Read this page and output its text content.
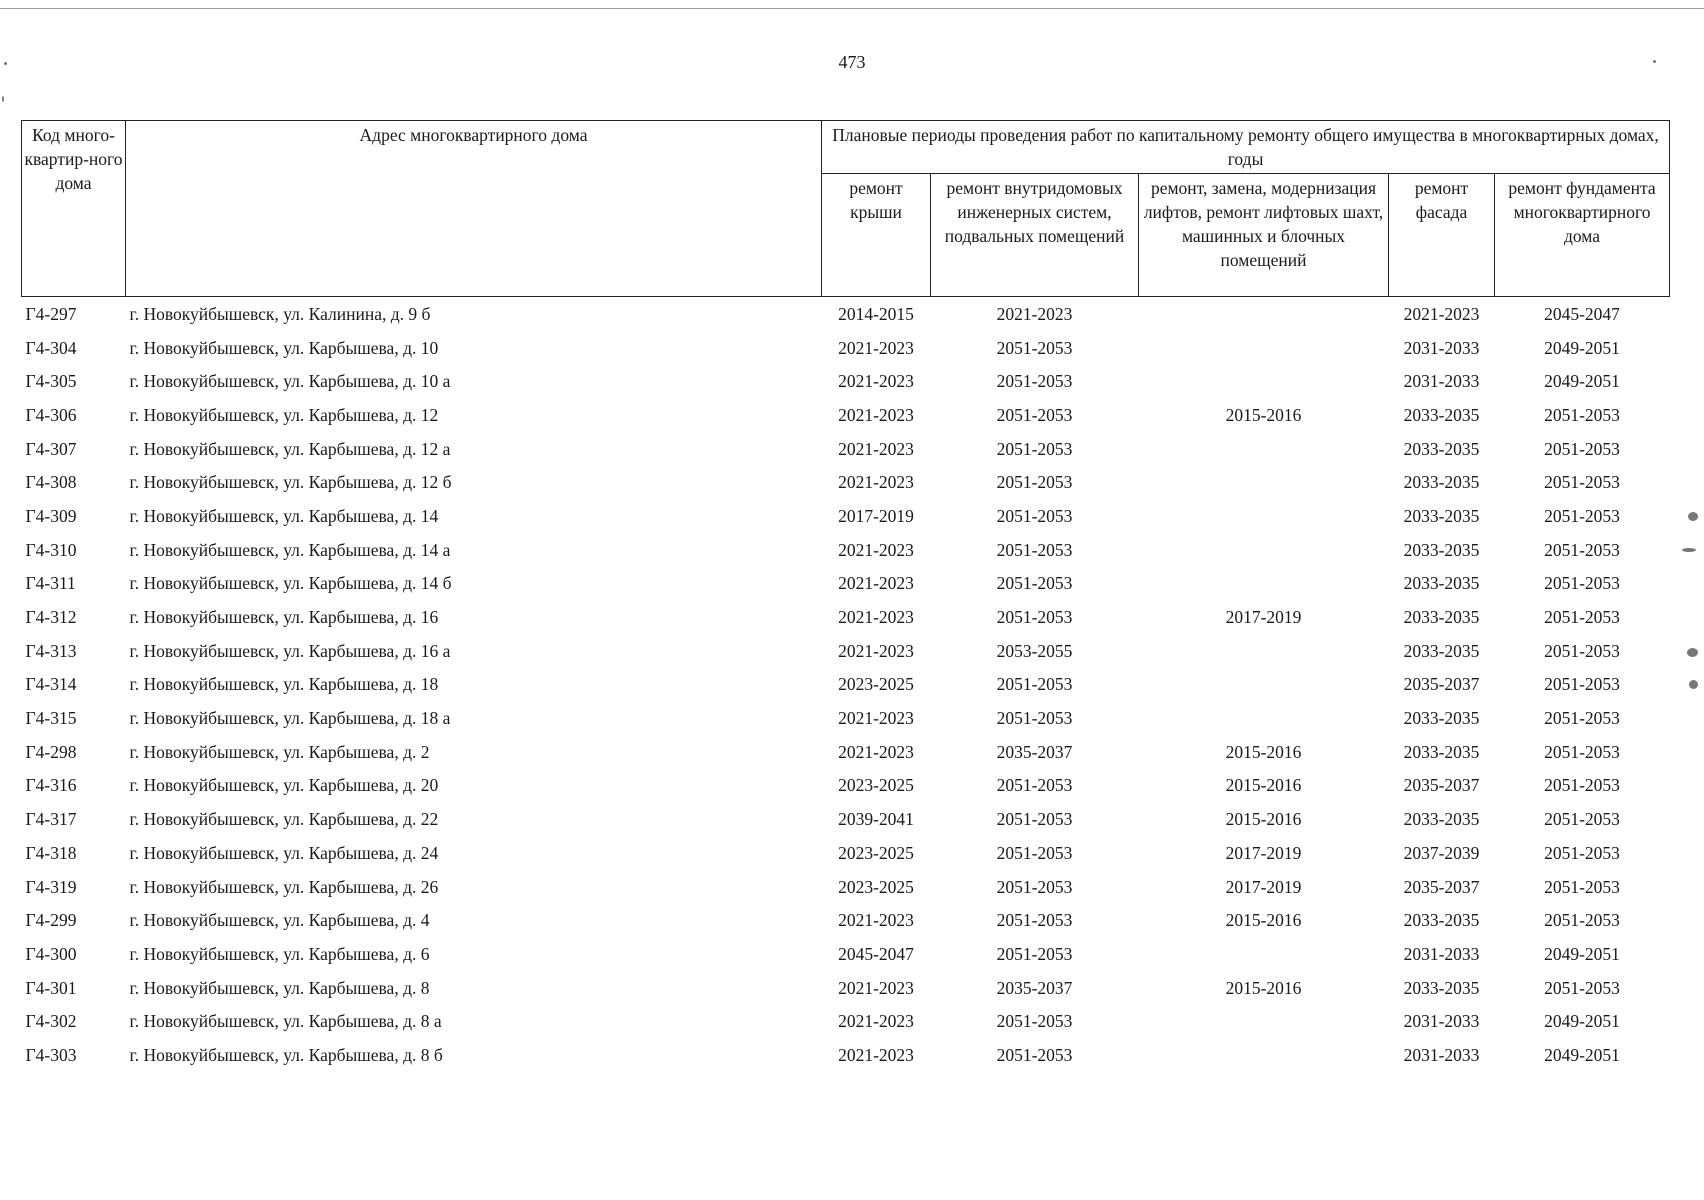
473
Код много-квартир-ного дома	Адрес многоквартирного дома	Плановые периоды проведения работ по капитальному ремонту общего имущества в многоквартирных домах, годы				
		ремонт крыши	ремонт внутридомовых инженерных систем, подвальных помещений	ремонт, замена, модернизация лифтов, ремонт лифтовых шахт, машинных и блочных помещений	ремонт фасада	ремонт фундамента многоквартирного дома
Г4-297	г. Новокуйбышевск, ул. Калинина, д. 9 б	2014-2015	2021-2023		2021-2023	2045-2047
Г4-304	г. Новокуйбышевск, ул. Карбышева, д. 10	2021-2023	2051-2053		2031-2033	2049-2051
Г4-305	г. Новокуйбышевск, ул. Карбышева, д. 10 а	2021-2023	2051-2053		2031-2033	2049-2051
Г4-306	г. Новокуйбышевск, ул. Карбышева, д. 12	2021-2023	2051-2053	2015-2016	2033-2035	2051-2053
Г4-307	г. Новокуйбышевск, ул. Карбышева, д. 12 а	2021-2023	2051-2053		2033-2035	2051-2053
Г4-308	г. Новокуйбышевск, ул. Карбышева, д. 12 б	2021-2023	2051-2053		2033-2035	2051-2053
Г4-309	г. Новокуйбышевск, ул. Карбышева, д. 14	2017-2019	2051-2053		2033-2035	2051-2053
Г4-310	г. Новокуйбышевск, ул. Карбышева, д. 14 а	2021-2023	2051-2053		2033-2035	2051-2053
Г4-311	г. Новокуйбышевск, ул. Карбышева, д. 14 б	2021-2023	2051-2053		2033-2035	2051-2053
Г4-312	г. Новокуйбышевск, ул. Карбышева, д. 16	2021-2023	2051-2053	2017-2019	2033-2035	2051-2053
Г4-313	г. Новокуйбышевск, ул. Карбышева, д. 16 а	2021-2023	2053-2055		2033-2035	2051-2053
Г4-314	г. Новокуйбышевск, ул. Карбышева, д. 18	2023-2025	2051-2053		2035-2037	2051-2053
Г4-315	г. Новокуйбышевск, ул. Карбышева, д. 18 а	2021-2023	2051-2053		2033-2035	2051-2053
Г4-298	г. Новокуйбышевск, ул. Карбышева, д. 2	2021-2023	2035-2037	2015-2016	2033-2035	2051-2053
Г4-316	г. Новокуйбышевск, ул. Карбышева, д. 20	2023-2025	2051-2053	2015-2016	2035-2037	2051-2053
Г4-317	г. Новокуйбышевск, ул. Карбышева, д. 22	2039-2041	2051-2053	2015-2016	2033-2035	2051-2053
Г4-318	г. Новокуйбышевск, ул. Карбышева, д. 24	2023-2025	2051-2053	2017-2019	2037-2039	2051-2053
Г4-319	г. Новокуйбышевск, ул. Карбышева, д. 26	2023-2025	2051-2053	2017-2019	2035-2037	2051-2053
Г4-299	г. Новокуйбышевск, ул. Карбышева, д. 4	2021-2023	2051-2053	2015-2016	2033-2035	2051-2053
Г4-300	г. Новокуйбышевск, ул. Карбышева, д. 6	2045-2047	2051-2053		2031-2033	2049-2051
Г4-301	г. Новокуйбышевск, ул. Карбышева, д. 8	2021-2023	2035-2037	2015-2016	2033-2035	2051-2053
Г4-302	г. Новокуйбышевск, ул. Карбышева, д. 8 а	2021-2023	2051-2053		2031-2033	2049-2051
Г4-303	г. Новокуйбышевск, ул. Карбышева, д. 8 б	2021-2023	2051-2053		2031-2033	2049-2051
